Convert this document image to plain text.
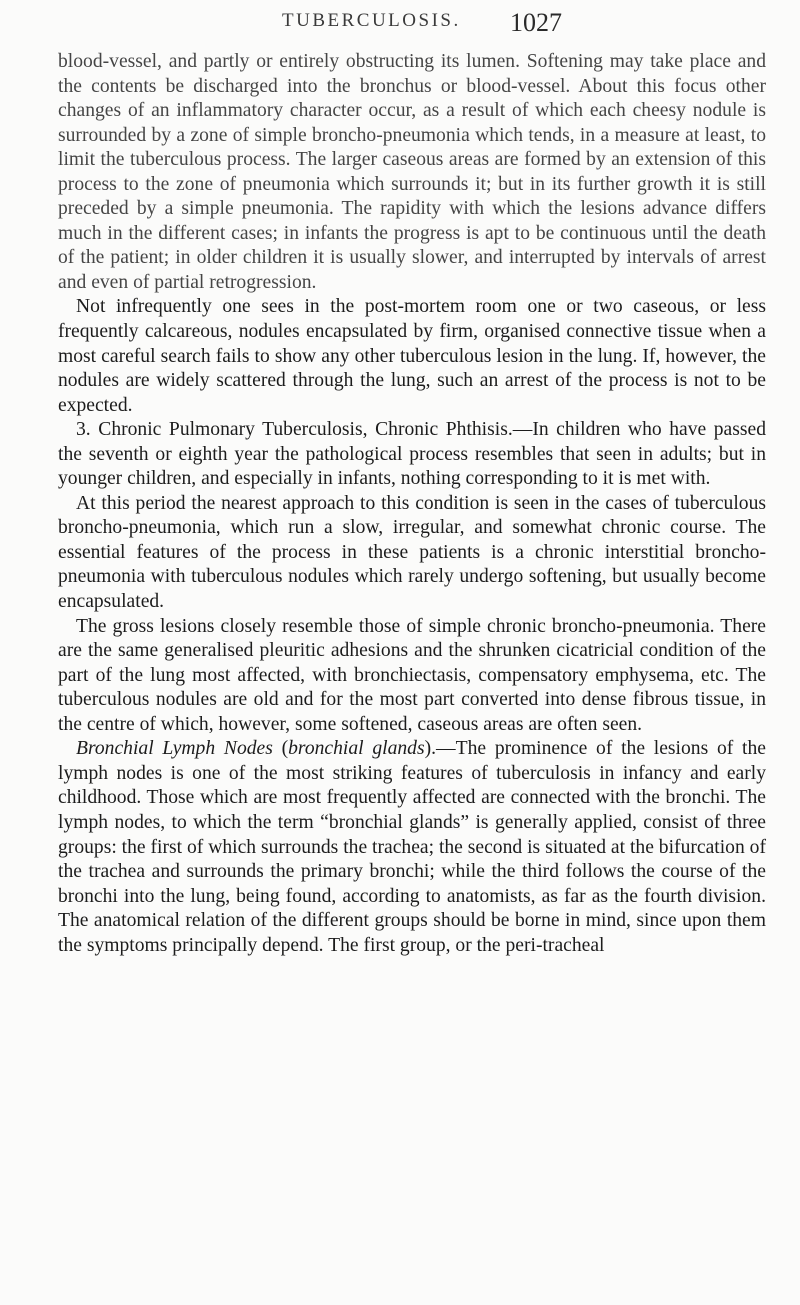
TUBERCULOSIS. 1027

blood-vessel, and partly or entirely obstructing its lumen. Softening may take place and the contents be discharged into the bronchus or blood-vessel. About this focus other changes of an inflammatory character occur, as a result of which each cheesy nodule is surrounded by a zone of simple broncho-pneumonia which tends, in a measure at least, to limit the tuberculous process. The larger caseous areas are formed by an extension of this process to the zone of pneumonia which surrounds it; but in its further growth it is still preceded by a simple pneumonia. The rapidity with which the lesions advance differs much in the different cases; in infants the progress is apt to be continuous until the death of the patient; in older children it is usually slower, and interrupted by intervals of arrest and even of partial retrogression.

Not infrequently one sees in the post-mortem room one or two caseous, or less frequently calcareous, nodules encapsulated by firm, organised connective tissue when a most careful search fails to show any other tuberculous lesion in the lung. If, however, the nodules are widely scattered through the lung, such an arrest of the process is not to be expected.

3. Chronic Pulmonary Tuberculosis, Chronic Phthisis.—In children who have passed the seventh or eighth year the pathological process resembles that seen in adults; but in younger children, and especially in infants, nothing corresponding to it is met with.

At this period the nearest approach to this condition is seen in the cases of tuberculous broncho-pneumonia, which run a slow, irregular, and somewhat chronic course. The essential features of the process in these patients is a chronic interstitial broncho-pneumonia with tuberculous nodules which rarely undergo softening, but usually become encapsulated.

The gross lesions closely resemble those of simple chronic broncho-pneumonia. There are the same generalised pleuritic adhesions and the shrunken cicatricial condition of the part of the lung most affected, with bronchiectasis, compensatory emphysema, etc. The tuberculous nodules are old and for the most part converted into dense fibrous tissue, in the centre of which, however, some softened, caseous areas are often seen.

Bronchial Lymph Nodes (bronchial glands).—The prominence of the lesions of the lymph nodes is one of the most striking features of tuberculosis in infancy and early childhood. Those which are most frequently affected are connected with the bronchi. The lymph nodes, to which the term “bronchial glands” is generally applied, consist of three groups: the first of which surrounds the trachea; the second is situated at the bifurcation of the trachea and surrounds the primary bronchi; while the third follows the course of the bronchi into the lung, being found, according to anatomists, as far as the fourth division. The anatomical relation of the different groups should be borne in mind, since upon them the symptoms principally depend. The first group, or the peri-tracheal
